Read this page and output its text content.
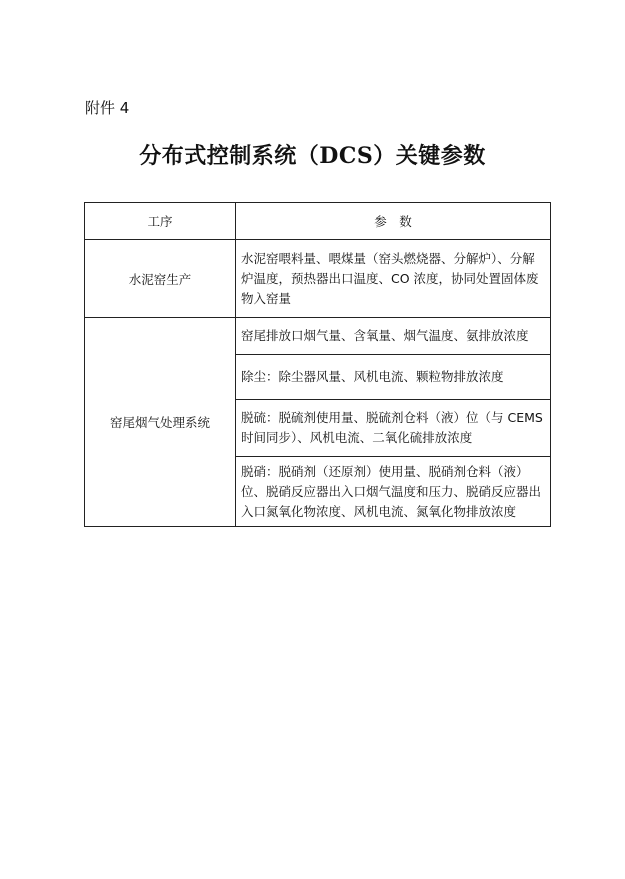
附件 4
分布式控制系统（DCS）关键参数
工序	参　数
水泥窑生产	水泥窑喂料量、喂煤量（窑头燃烧器、分解炉）、分解炉温度，预热器出口温度、CO 浓度，协同处置固体废物入窑量
窑尾烟气处理系统	窑尾排放口烟气量、含氧量、烟气温度、氨排放浓度
	除尘：除尘器风量、风机电流、颗粒物排放浓度
	脱硫：脱硫剂使用量、脱硫剂仓料（液）位（与 CEMS 时间同步）、风机电流、二氧化硫排放浓度
	脱硝：脱硝剂（还原剂）使用量、脱硝剂仓料（液）位、脱硝反应器出入口烟气温度和压力、脱硝反应器出入口氮氧化物浓度、风机电流、氮氧化物排放浓度
